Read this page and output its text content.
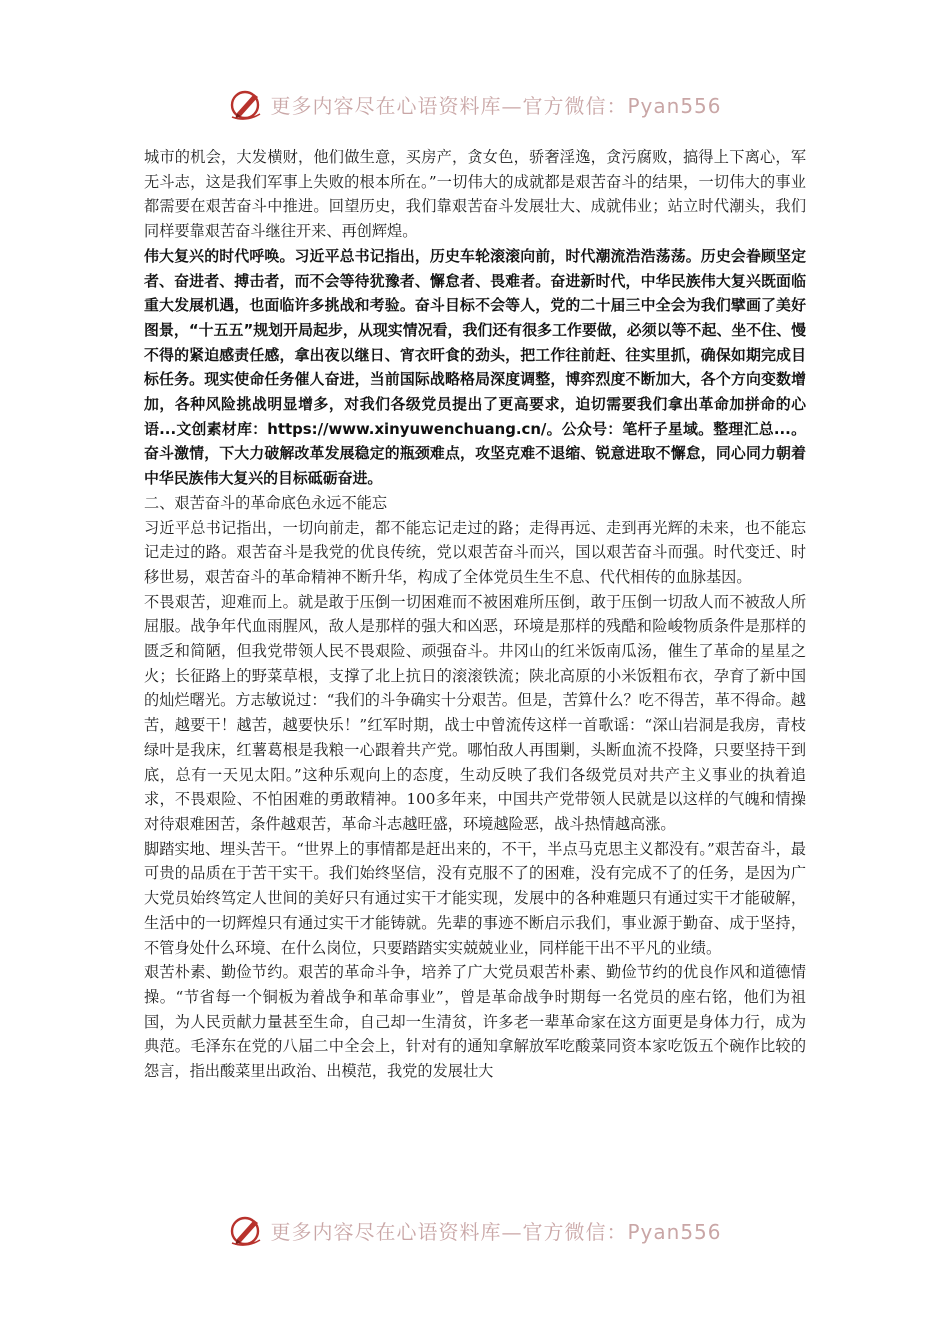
更多内容尽在心语资料库—官方微信：Pyan556

城市的机会，大发横财，他们做生意，买房产，贪女色，骄奢淫逸，贪污腐败，搞得上下离心，军无斗志，这是我们军事上失败的根本所在。”一切伟大的成就都是艰苦奋斗的结果，一切伟大的事业都需要在艰苦奋斗中推进。回望历史，我们靠艰苦奋斗发展壮大、成就伟业；站立时代潮头，我们同样要靠艰苦奋斗继往开来、再创辉煌。

伟大复兴的时代呼唤。习近平总书记指出，历史车轮滚滚向前，时代潮流浩浩荡荡。历史会眷顾坚定者、奋进者、搏击者，而不会等待犹豫者、懈怠者、畏难者。奋进新时代，中华民族伟大复兴既面临重大发展机遇，也面临许多挑战和考验。奋斗目标不会等人，党的二十届三中全会为我们擘画了美好图景，“十五五”规划开局起步，从现实情况看，我们还有很多工作要做，必须以等不起、坐不住、慢不得的紧迫感责任感，拿出夜以继日、宵衣旰食的劲头，把工作往前赶、往实里抓，确保如期完成目标任务。现实使命任务催人奋进，当前国际战略格局深度调整，博弈烈度不断加大，各个方向变数增加，各种风险挑战明显增多，对我们各级党员提出了更高要求，迫切需要我们拿出革命加拼命的心语...文创素材库：https://www.xinyuwenchuang.cn/。公众号：笔杆子星域。整理汇总...。奋斗激情，下大力破解改革发展稳定的瓶颈难点，攻坚克难不退缩、锐意进取不懈怠，同心同力朝着中华民族伟大复兴的目标砥砺奋进。

二、艰苦奋斗的革命底色永远不能忘

习近平总书记指出，一切向前走，都不能忘记走过的路；走得再远、走到再光辉的未来，也不能忘记走过的路。艰苦奋斗是我党的优良传统，党以艰苦奋斗而兴，国以艰苦奋斗而强。时代变迁、时移世易，艰苦奋斗的革命精神不断升华，构成了全体党员生生不息、代代相传的血脉基因。

不畏艰苦，迎难而上。就是敢于压倒一切困难而不被困难所压倒，敢于压倒一切敌人而不被敌人所屈服。战争年代血雨腥风，敌人是那样的强大和凶恶，环境是那样的残酷和险峻物质条件是那样的匮乏和简陋，但我党带领人民不畏艰险、顽强奋斗。井冈山的红米饭南瓜汤，催生了革命的星星之火；长征路上的野菜草根，支撑了北上抗日的滚滚铁流；陕北高原的小米饭粗布衣，孕育了新中国的灿烂曙光。方志敏说过：“我们的斗争确实十分艰苦。但是，苦算什么？吃不得苦，革不得命。越苦，越要干！越苦，越要快乐！”红军时期，战士中曾流传这样一首歌谣：“深山岩洞是我房，青枝绿叶是我床，红薯葛根是我粮一心跟着共产党。哪怕敌人再围剿，头断血流不投降，只要坚持干到底，总有一天见太阳。”这种乐观向上的态度，生动反映了我们各级党员对共产主义事业的执着追求，不畏艰险、不怕困难的勇敢精神。100多年来，中国共产党带领人民就是以这样的气魄和情操对待艰难困苦，条件越艰苦，革命斗志越旺盛，环境越险恶，战斗热情越高涨。

脚踏实地、埋头苦干。“世界上的事情都是赶出来的，不干，半点马克思主义都没有。”艰苦奋斗，最可贵的品质在于苦干实干。我们始终坚信，没有克服不了的困难，没有完成不了的任务，是因为广大党员始终笃定人世间的美好只有通过实干才能实现，发展中的各种难题只有通过实干才能破解，生活中的一切辉煌只有通过实干才能铸就。先辈的事迹不断启示我们，事业源于勤奋、成于坚持，不管身处什么环境、在什么岗位，只要踏踏实实兢兢业业，同样能干出不平凡的业绩。

艰苦朴素、勤俭节约。艰苦的革命斗争，培养了广大党员艰苦朴素、勤俭节约的优良作风和道德情操。“节省每一个铜板为着战争和革命事业”，曾是革命战争时期每一名党员的座右铭，他们为祖国，为人民贡献力量甚至生命，自己却一生清贫，许多老一辈革命家在这方面更是身体力行，成为典范。毛泽东在党的八届二中全会上，针对有的通知拿解放军吃酸菜同资本家吃饭五个碗作比较的怨言，指出酸菜里出政治、出模范，我党的发展壮大

更多内容尽在心语资料库—官方微信：Pyan556
